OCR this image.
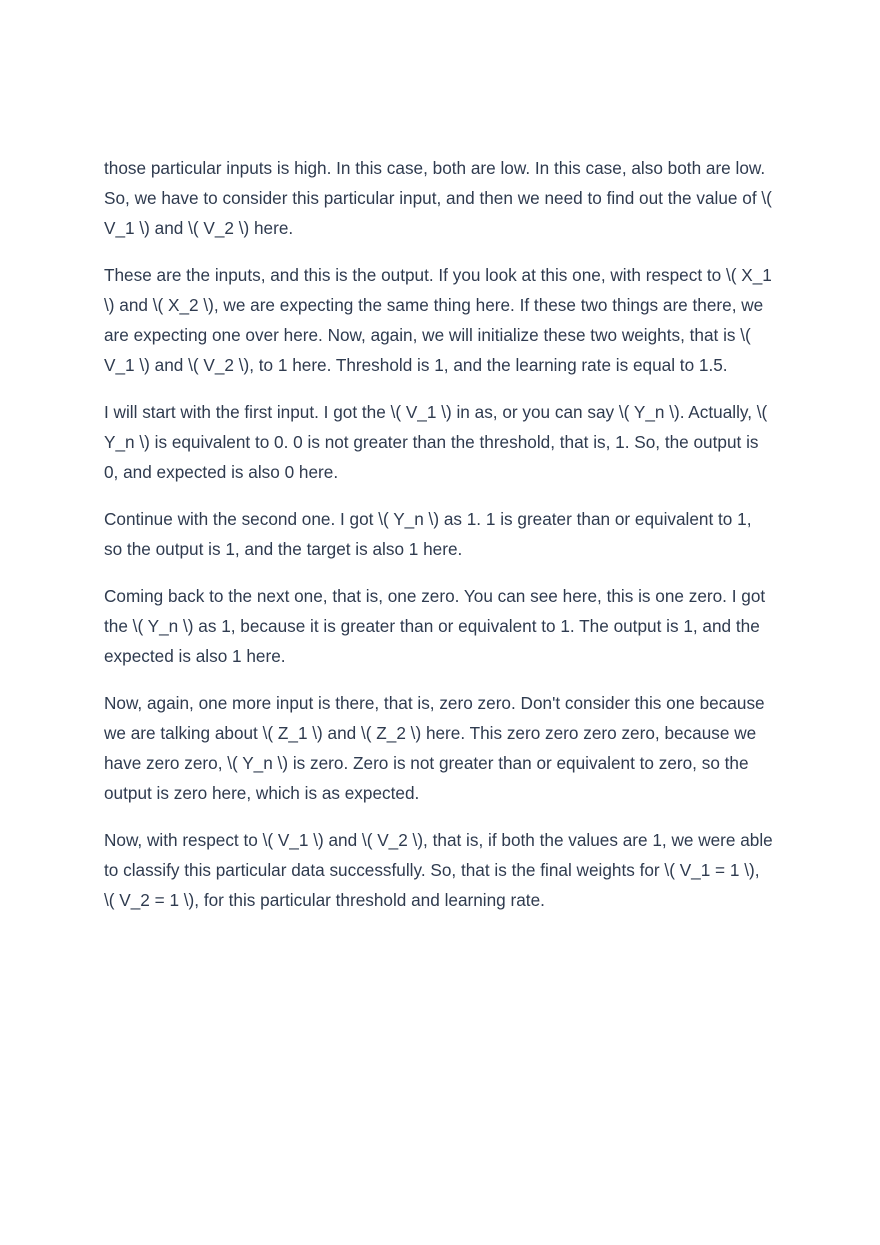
those particular inputs is high. In this case, both are low. In this case, also both are low.
So, we have to consider this particular input, and then we need to find out the value of \(
V_1 \) and \( V_2 \) here.

These are the inputs, and this is the output. If you look at this one, with respect to \( X_1
\) and \( X_2 \), we are expecting the same thing here. If these two things are there, we
are expecting one over here. Now, again, we will initialize these two weights, that is \(
V_1 \) and \( V_2 \), to 1 here. Threshold is 1, and the learning rate is equal to 1.5.

I will start with the first input. I got the \( V_1 \) in as, or you can say \( Y_n \). Actually, \(
Y_n \) is equivalent to 0. 0 is not greater than the threshold, that is, 1. So, the output is
0, and expected is also 0 here.

Continue with the second one. I got \( Y_n \) as 1. 1 is greater than or equivalent to 1,
so the output is 1, and the target is also 1 here.

Coming back to the next one, that is, one zero. You can see here, this is one zero. I got
the \( Y_n \) as 1, because it is greater than or equivalent to 1. The output is 1, and the
expected is also 1 here.

Now, again, one more input is there, that is, zero zero. Don't consider this one because
we are talking about \( Z_1 \) and \( Z_2 \) here. This zero zero zero zero, because we
have zero zero, \( Y_n \) is zero. Zero is not greater than or equivalent to zero, so the
output is zero here, which is as expected.

Now, with respect to \( V_1 \) and \( V_2 \), that is, if both the values are 1, we were able
to classify this particular data successfully. So, that is the final weights for \( V_1 = 1 \),
\( V_2 = 1 \), for this particular threshold and learning rate.
